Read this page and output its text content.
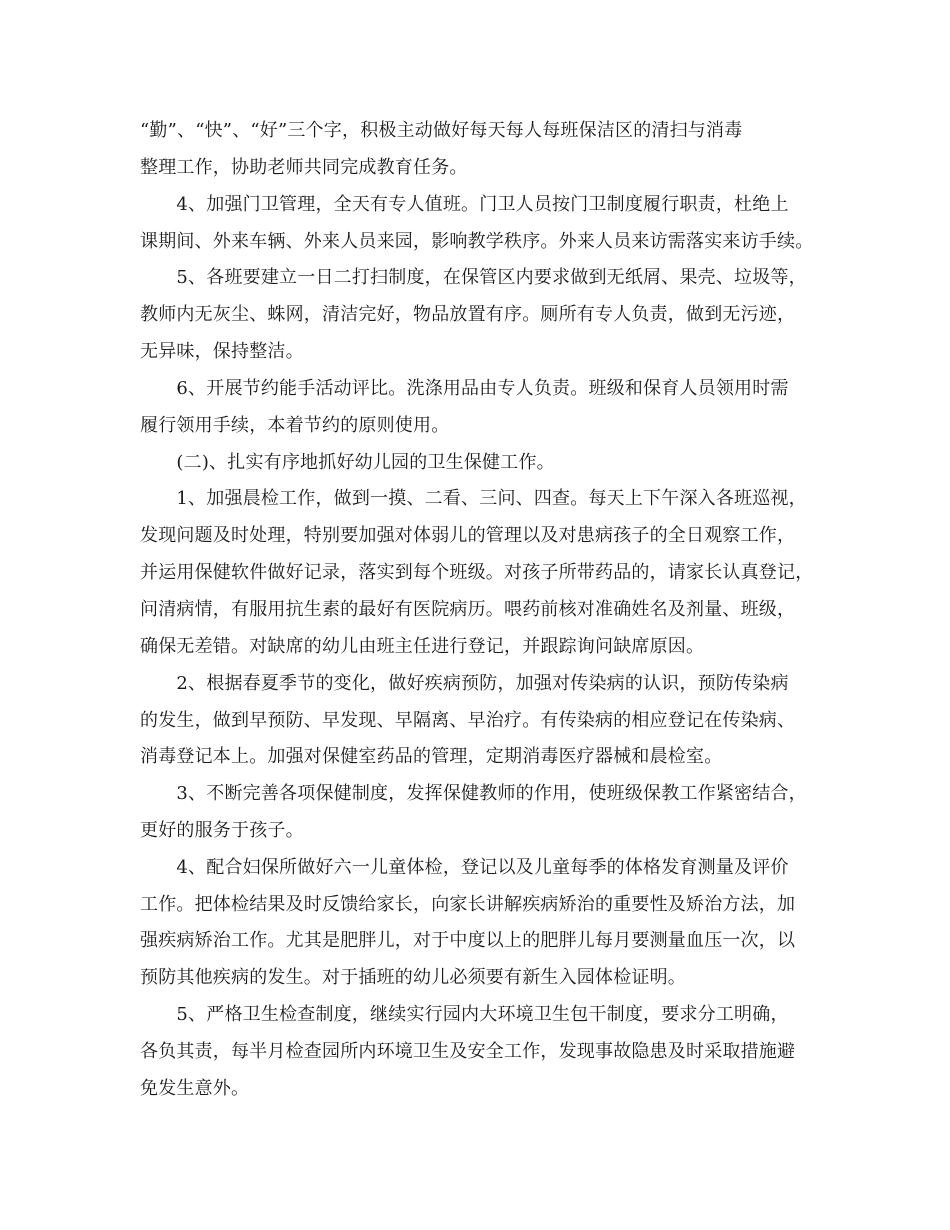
“勤”、“快”、“好”三个字，积极主动做好每天每人每班保洁区的清扫与消毒
整理工作，协助老师共同完成教育任务。
　　4、加强门卫管理，全天有专人值班。门卫人员按门卫制度履行职责，杜绝上
课期间、外来车辆、外来人员来园，影响教学秩序。外来人员来访需落实来访手续。
　　5、各班要建立一日二打扫制度，在保管区内要求做到无纸屑、果壳、垃圾等，
教师内无灰尘、蛛网，清洁完好，物品放置有序。厕所有专人负责，做到无污迹，
无异味，保持整洁。
　　6、开展节约能手活动评比。洗涤用品由专人负责。班级和保育人员领用时需
履行领用手续，本着节约的原则使用。
　　(二)、扎实有序地抓好幼儿园的卫生保健工作。
　　1、加强晨检工作，做到一摸、二看、三问、四查。每天上下午深入各班巡视，
发现问题及时处理，特别要加强对体弱儿的管理以及对患病孩子的全日观察工作，
并运用保健软件做好记录，落实到每个班级。对孩子所带药品的，请家长认真登记，
问清病情，有服用抗生素的最好有医院病历。喂药前核对准确姓名及剂量、班级，
确保无差错。对缺席的幼儿由班主任进行登记，并跟踪询问缺席原因。
　　2、根据春夏季节的变化，做好疾病预防，加强对传染病的认识，预防传染病
的发生，做到早预防、早发现、早隔离、早治疗。有传染病的相应登记在传染病、
消毒登记本上。加强对保健室药品的管理，定期消毒医疗器械和晨检室。
　　3、不断完善各项保健制度，发挥保健教师的作用，使班级保教工作紧密结合，
更好的服务于孩子。
　　4、配合妇保所做好六一儿童体检，登记以及儿童每季的体格发育测量及评价
工作。把体检结果及时反馈给家长，向家长讲解疾病矫治的重要性及矫治方法，加
强疾病矫治工作。尤其是肥胖儿，对于中度以上的肥胖儿每月要测量血压一次，以
预防其他疾病的发生。对于插班的幼儿必须要有新生入园体检证明。
　　5、严格卫生检查制度，继续实行园内大环境卫生包干制度，要求分工明确，
各负其责，每半月检查园所内环境卫生及安全工作，发现事故隐患及时采取措施避
免发生意外。
